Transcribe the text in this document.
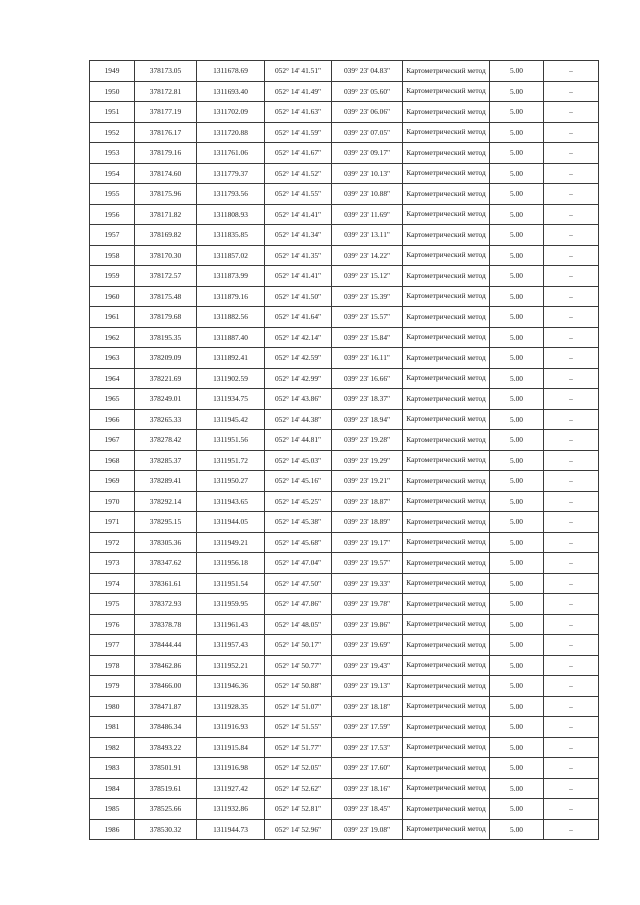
1949	378173.05	1311678.69	052° 14' 41.51"	039° 23' 04.83"	Картометрический метод	5.00	–
1950	378172.81	1311693.40	052° 14' 41.49"	039° 23' 05.60"	Картометрический метод	5.00	–
1951	378177.19	1311702.09	052° 14' 41.63"	039° 23' 06.06"	Картометрический метод	5.00	–
1952	378176.17	1311720.88	052° 14' 41.59"	039° 23' 07.05"	Картометрический метод	5.00	–
1953	378179.16	1311761.06	052° 14' 41.67"	039° 23' 09.17"	Картометрический метод	5.00	–
1954	378174.60	1311779.37	052° 14' 41.52"	039° 23' 10.13"	Картометрический метод	5.00	–
1955	378175.96	1311793.56	052° 14' 41.55"	039° 23' 10.88"	Картометрический метод	5.00	–
1956	378171.82	1311808.93	052° 14' 41.41"	039° 23' 11.69"	Картометрический метод	5.00	–
1957	378169.82	1311835.85	052° 14' 41.34"	039° 23' 13.11"	Картометрический метод	5.00	–
1958	378170.30	1311857.02	052° 14' 41.35"	039° 23' 14.22"	Картометрический метод	5.00	–
1959	378172.57	1311873.99	052° 14' 41.41"	039° 23' 15.12"	Картометрический метод	5.00	–
1960	378175.48	1311879.16	052° 14' 41.50"	039° 23' 15.39"	Картометрический метод	5.00	–
1961	378179.68	1311882.56	052° 14' 41.64"	039° 23' 15.57"	Картометрический метод	5.00	–
1962	378195.35	1311887.40	052° 14' 42.14"	039° 23' 15.84"	Картометрический метод	5.00	–
1963	378209.09	1311892.41	052° 14' 42.59"	039° 23' 16.11"	Картометрический метод	5.00	–
1964	378221.69	1311902.59	052° 14' 42.99"	039° 23' 16.66"	Картометрический метод	5.00	–
1965	378249.01	1311934.75	052° 14' 43.86"	039° 23' 18.37"	Картометрический метод	5.00	–
1966	378265.33	1311945.42	052° 14' 44.38"	039° 23' 18.94"	Картометрический метод	5.00	–
1967	378278.42	1311951.56	052° 14' 44.81"	039° 23' 19.28"	Картометрический метод	5.00	–
1968	378285.37	1311951.72	052° 14' 45.03"	039° 23' 19.29"	Картометрический метод	5.00	–
1969	378289.41	1311950.27	052° 14' 45.16"	039° 23' 19.21"	Картометрический метод	5.00	–
1970	378292.14	1311943.65	052° 14' 45.25"	039° 23' 18.87"	Картометрический метод	5.00	–
1971	378295.15	1311944.05	052° 14' 45.38"	039° 23' 18.89"	Картометрический метод	5.00	–
1972	378305.36	1311949.21	052° 14' 45.68"	039° 23' 19.17"	Картометрический метод	5.00	–
1973	378347.62	1311956.18	052° 14' 47.04"	039° 23' 19.57"	Картометрический метод	5.00	–
1974	378361.61	1311951.54	052° 14' 47.50"	039° 23' 19.33"	Картометрический метод	5.00	–
1975	378372.93	1311959.95	052° 14' 47.86"	039° 23' 19.78"	Картометрический метод	5.00	–
1976	378378.78	1311961.43	052° 14' 48.05"	039° 23' 19.86"	Картометрический метод	5.00	–
1977	378444.44	1311957.43	052° 14' 50.17"	039° 23' 19.69"	Картометрический метод	5.00	–
1978	378462.86	1311952.21	052° 14' 50.77"	039° 23' 19.43"	Картометрический метод	5.00	–
1979	378466.00	1311946.36	052° 14' 50.88"	039° 23' 19.13"	Картометрический метод	5.00	–
1980	378471.87	1311928.35	052° 14' 51.07"	039° 23' 18.18"	Картометрический метод	5.00	–
1981	378486.34	1311916.93	052° 14' 51.55"	039° 23' 17.59"	Картометрический метод	5.00	–
1982	378493.22	1311915.84	052° 14' 51.77"	039° 23' 17.53"	Картометрический метод	5.00	–
1983	378501.91	1311916.98	052° 14' 52.05"	039° 23' 17.60"	Картометрический метод	5.00	–
1984	378519.61	1311927.42	052° 14' 52.62"	039° 23' 18.16"	Картометрический метод	5.00	–
1985	378525.66	1311932.86	052° 14' 52.81"	039° 23' 18.45"	Картометрический метод	5.00	–
1986	378530.32	1311944.73	052° 14' 52.96"	039° 23' 19.08"	Картометрический метод	5.00	–
